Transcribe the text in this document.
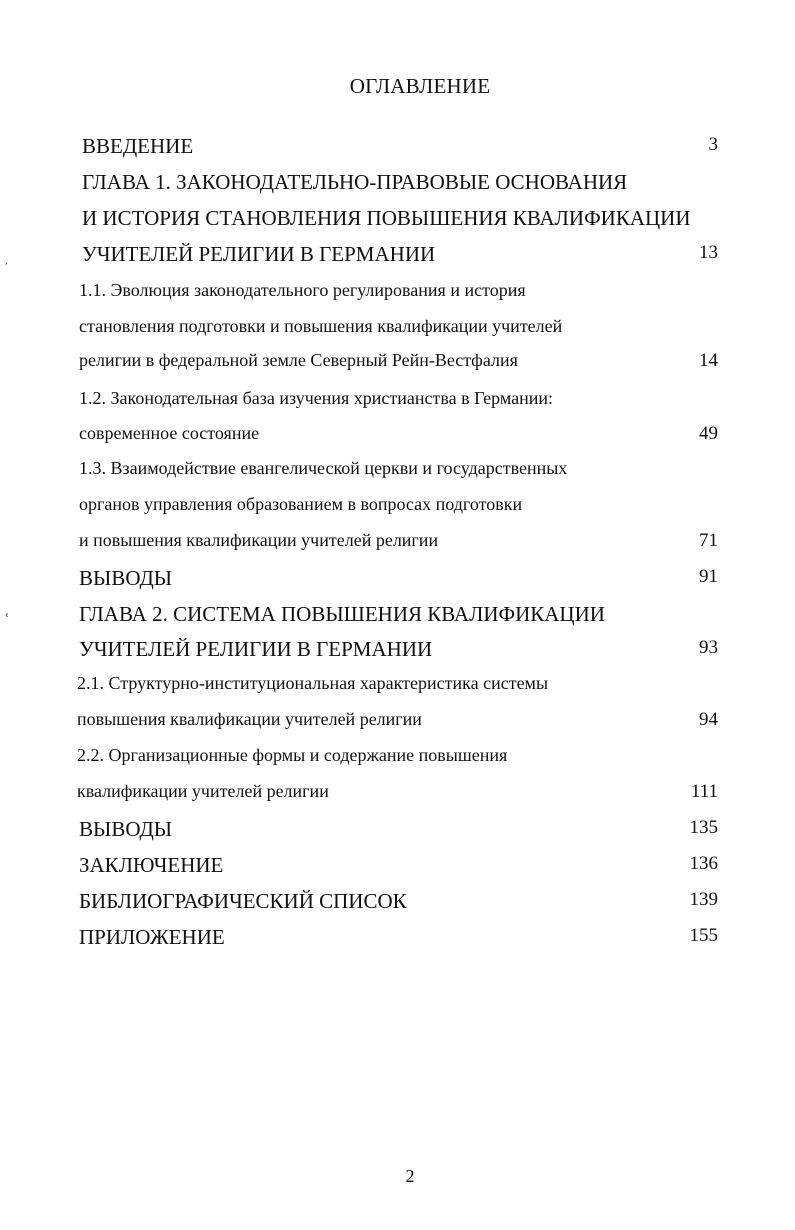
ОГЛАВЛЕНИЕ
ВВЕДЕНИЕ	3
ГЛАВА 1. ЗАКОНОДАТЕЛЬНО-ПРАВОВЫЕ ОСНОВАНИЯ
И ИСТОРИЯ СТАНОВЛЕНИЯ ПОВЫШЕНИЯ КВАЛИФИКАЦИИ
УЧИТЕЛЕЙ РЕЛИГИИ В ГЕРМАНИИ	13
1.1. Эволюция законодательного регулирования и история
становления подготовки и повышения квалификации учителей
религии в федеральной земле Северный Рейн-Вестфалия	14
1.2. Законодательная база изучения христианства в Германии:
современное состояние	49
1.3. Взаимодействие евангелической церкви и государственных
органов управления образованием в вопросах подготовки
и повышения квалификации учителей религии	71
ВЫВОДЫ	91
ГЛАВА 2. СИСТЕМА ПОВЫШЕНИЯ КВАЛИФИКАЦИИ
УЧИТЕЛЕЙ РЕЛИГИИ В ГЕРМАНИИ	93
2.1. Структурно-институциональная характеристика системы
повышения квалификации учителей религии	94
2.2. Организационные формы и содержание повышения
квалификации учителей религии	111
ВЫВОДЫ	135
ЗАКЛЮЧЕНИЕ	136
БИБЛИОГРАФИЧЕСКИЙ СПИСОК	139
ПРИЛОЖЕНИЕ	155
2
ʻ
ʿ
